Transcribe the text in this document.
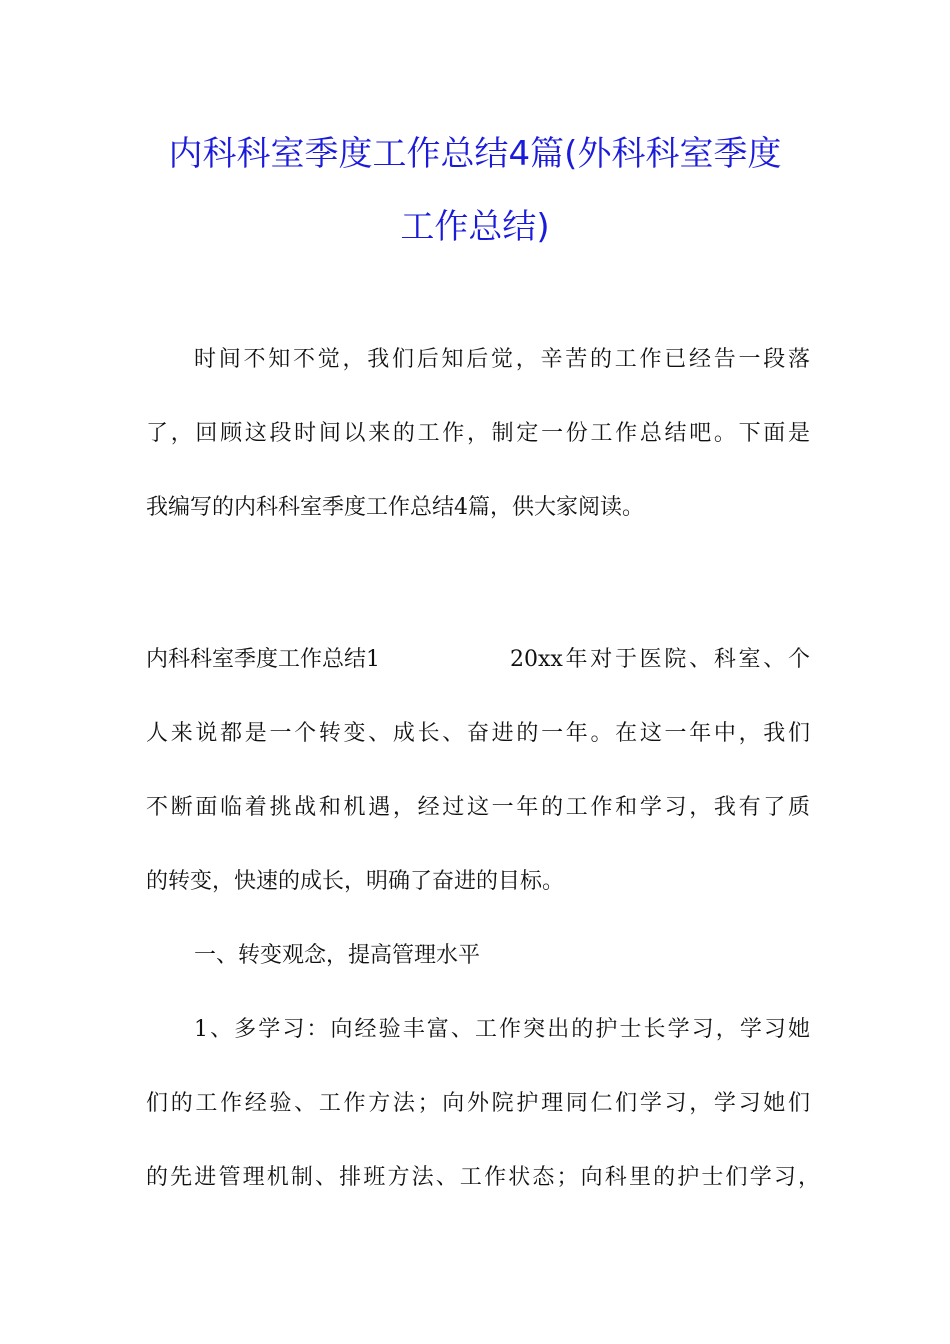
内科科室季度工作总结4篇(外科科室季度
工作总结)
时间不知不觉，我们后知后觉，辛苦的工作已经告一段落
了，回顾这段时间以来的工作，制定一份工作总结吧。下面是
我编写的内科科室季度工作总结4篇，供大家阅读。
内科科室季度工作总结1	20xx年对于医院、科室、个
人来说都是一个转变、成长、奋进的一年。在这一年中，我们
不断面临着挑战和机遇，经过这一年的工作和学习，我有了质
的转变，快速的成长，明确了奋进的目标。
一、转变观念，提高管理水平
1、多学习：向经验丰富、工作突出的护士长学习，学习她
们的工作经验、工作方法；向外院护理同仁们学习，学习她们
的先进管理机制、排班方法、工作状态；向科里的护士们学习，
